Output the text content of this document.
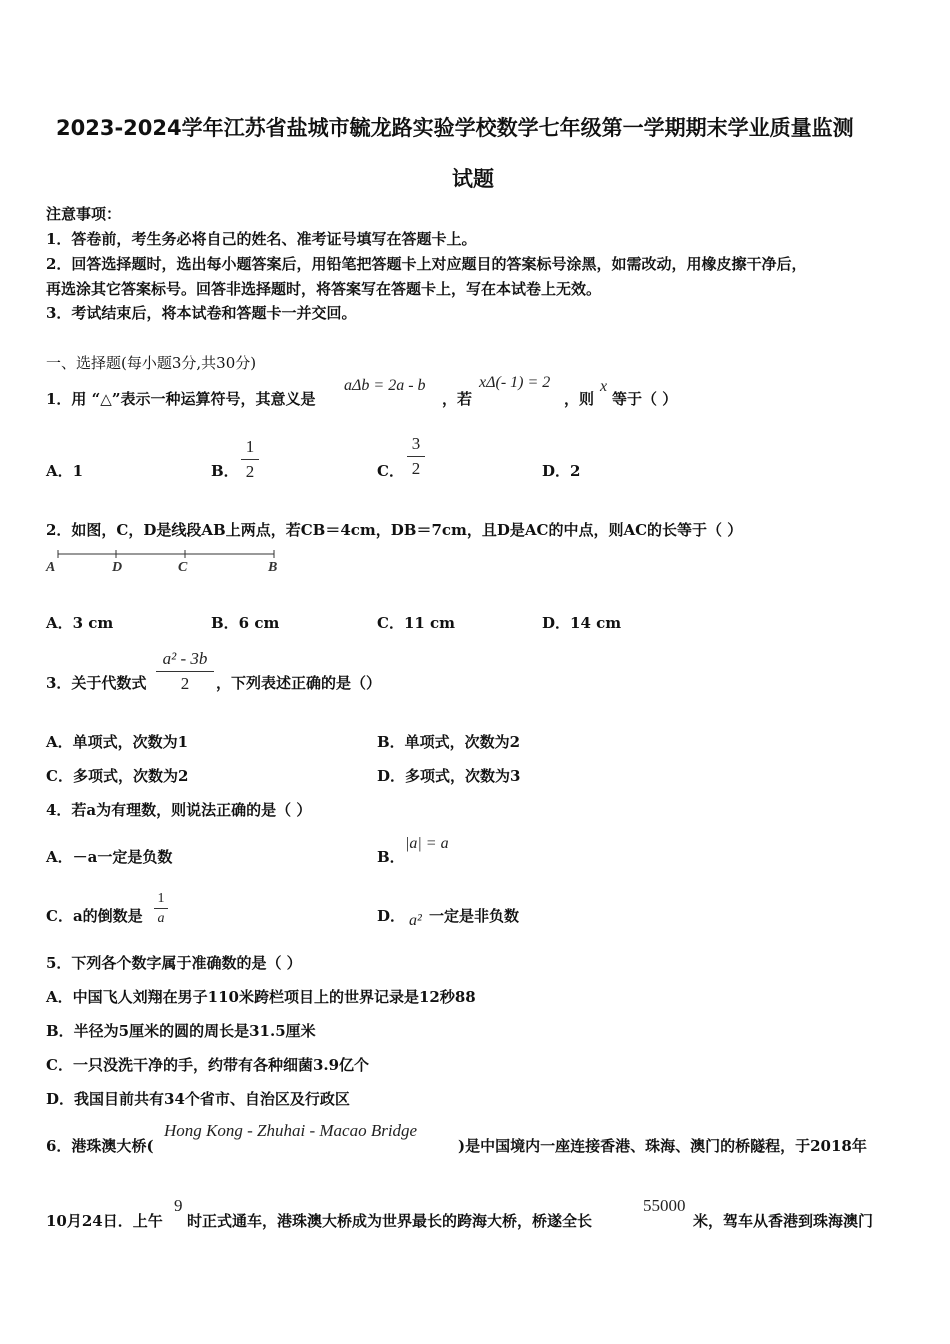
2023-2024学年江苏省盐城市毓龙路实验学校数学七年级第一学期期末学业质量监测
试题
注意事项：
1．答卷前，考生务必将自己的姓名、准考证号填写在答题卡上。
2．回答选择题时，选出每小题答案后，用铅笔把答题卡上对应题目的答案标号涂黑，如需改动，用橡皮擦干净后，
再选涂其它答案标号。回答非选择题时，将答案写在答题卡上，写在本试卷上无效。
3．考试结束后，将本试卷和答题卡一并交回。
一、选择题(每小题3分,共30分)
1．用 “△”表示一种运算符号，其意义是
aΔb = 2a - b
，若
xΔ(- 1) = 2
，则
x
等于（ ）
A．1	B．
1
2	C．
3
2	D．2
2．如图，C，D是线段AB上两点，若CB＝4cm，DB＝7cm，且D是AC的中点，则AC的长等于（ ）
A	D	C	B
A．3 cm	B．6 cm	C．11 cm	D．14 cm
3．关于代数式
a² - 3b
2	，下列表述正确的是（）
A．单项式，次数为1	B．单项式，次数为2
C．多项式，次数为2	D．多项式，次数为3
4．若a为有理数，则说法正确的是（ ）
A．－a一定是负数	B．
|a| = a
C．a的倒数是
1
a	D． a² 一定是非负数
5．下列各个数字属于准确数的是（ ）
A．中国飞人刘翔在男子110米跨栏项目上的世界记录是12秒88
B．半径为5厘米的圆的周长是31.5厘米
C．一只没洗干净的手，约带有各种细菌3.9亿个
D．我国目前共有34个省市、自治区及行政区
6．港珠澳大桥(
Hong Kong - Zhuhai - Macao Bridge
)是中国境内一座连接香港、珠海、澳门的桥隧程，于2018年
10月24日．上午
9
时正式通车，港珠澳大桥成为世界最长的跨海大桥，桥遂全长
55000
米，驾车从香港到珠海澳门
